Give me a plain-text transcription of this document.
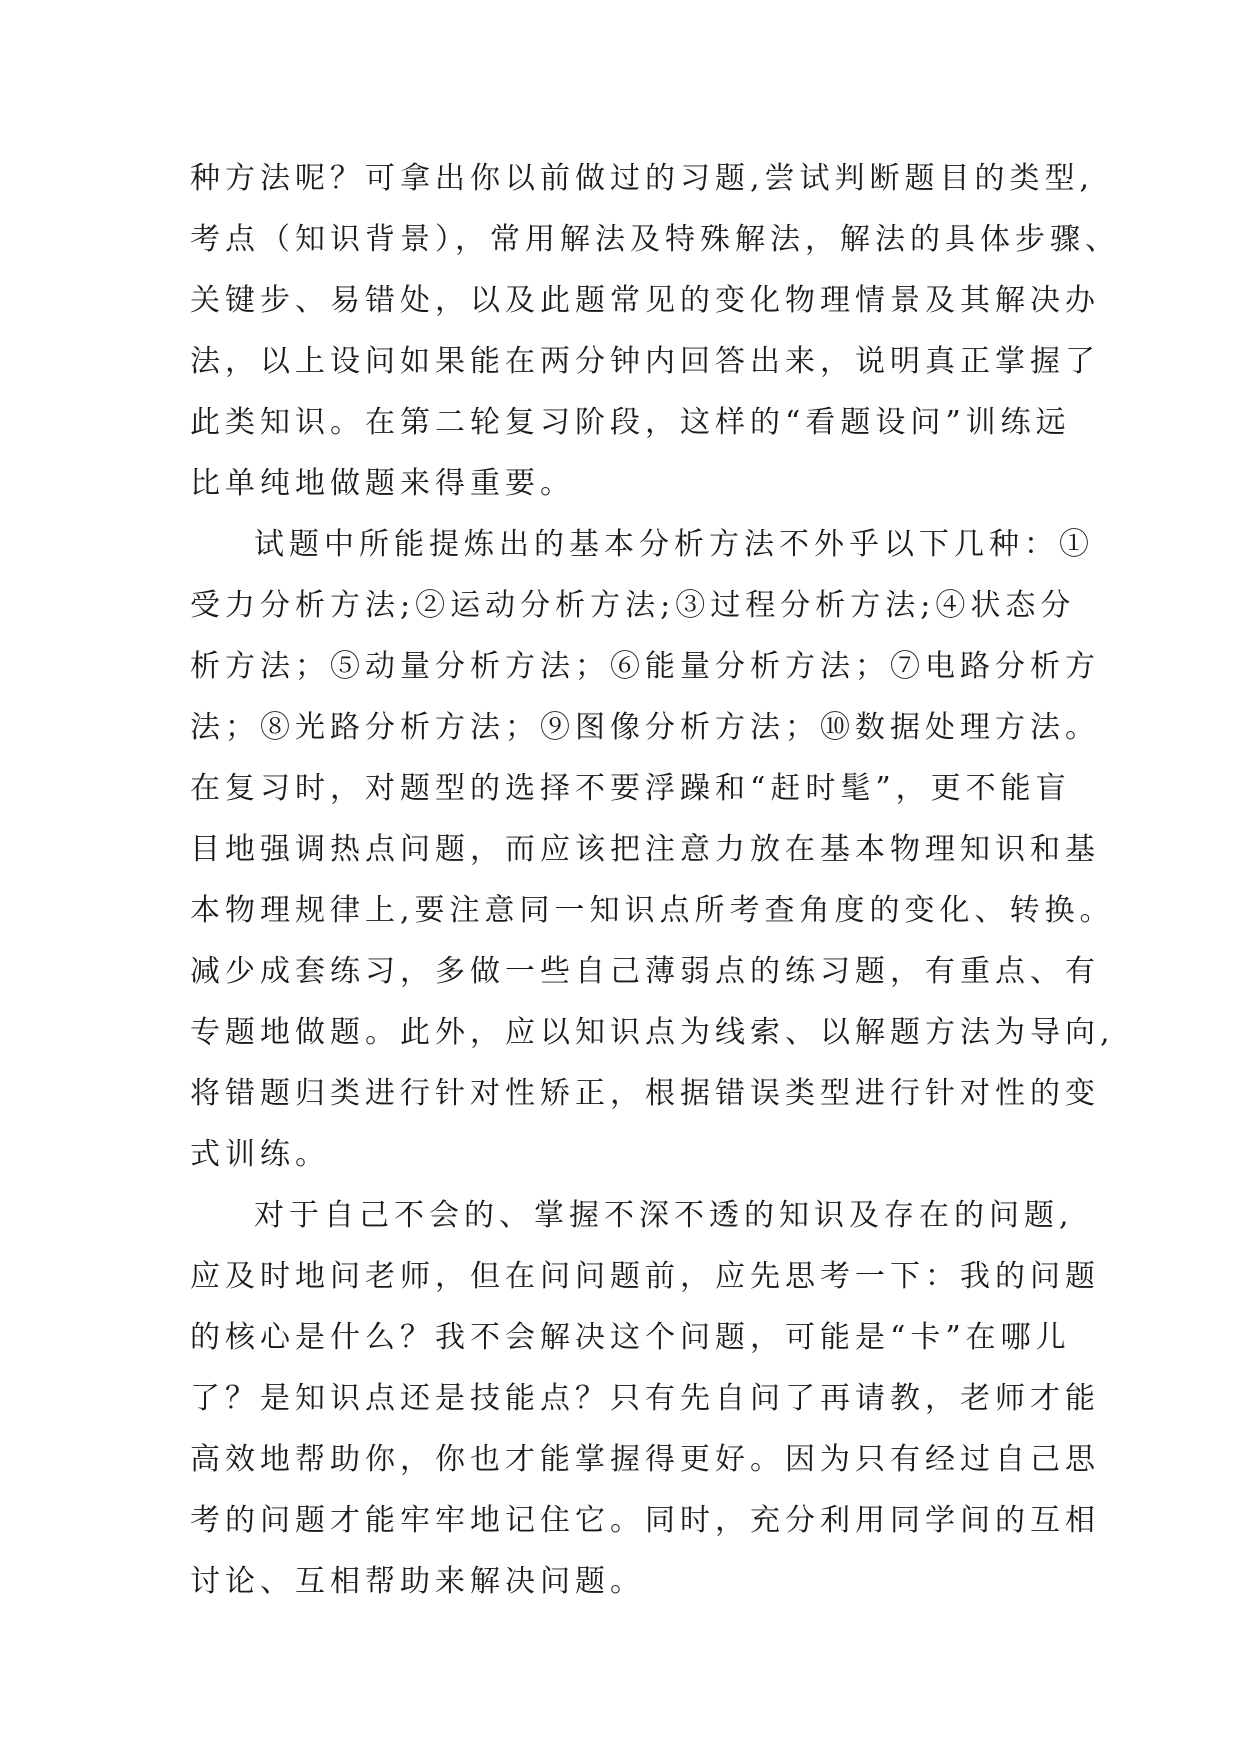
种方法呢？可拿出你以前做过的习题,尝试判断题目的类型,
考点（知识背景），常用解法及特殊解法，解法的具体步骤、
关键步、易错处，以及此题常见的变化物理情景及其解决办
法，以上设问如果能在两分钟内回答出来，说明真正掌握了
此类知识。在第二轮复习阶段，这样的“看题设问”训练远
比单纯地做题来得重要。
试题中所能提炼出的基本分析方法不外乎以下几种：①
受力分析方法;②运动分析方法;③过程分析方法;④状态分
析方法；⑤动量分析方法；⑥能量分析方法；⑦电路分析方
法；⑧光路分析方法；⑨图像分析方法；⑩数据处理方法。
在复习时，对题型的选择不要浮躁和“赶时髦”，更不能盲
目地强调热点问题，而应该把注意力放在基本物理知识和基
本物理规律上,要注意同一知识点所考查角度的变化、转换。
减少成套练习，多做一些自己薄弱点的练习题，有重点、有
专题地做题。此外，应以知识点为线索、以解题方法为导向,
将错题归类进行针对性矫正，根据错误类型进行针对性的变
式训练。
对于自己不会的、掌握不深不透的知识及存在的问题,
应及时地问老师，但在问问题前，应先思考一下：我的问题
的核心是什么？我不会解决这个问题，可能是“卡”在哪儿
了？是知识点还是技能点？只有先自问了再请教，老师才能
高效地帮助你，你也才能掌握得更好。因为只有经过自己思
考的问题才能牢牢地记住它。同时，充分利用同学间的互相
讨论、互相帮助来解决问题。
